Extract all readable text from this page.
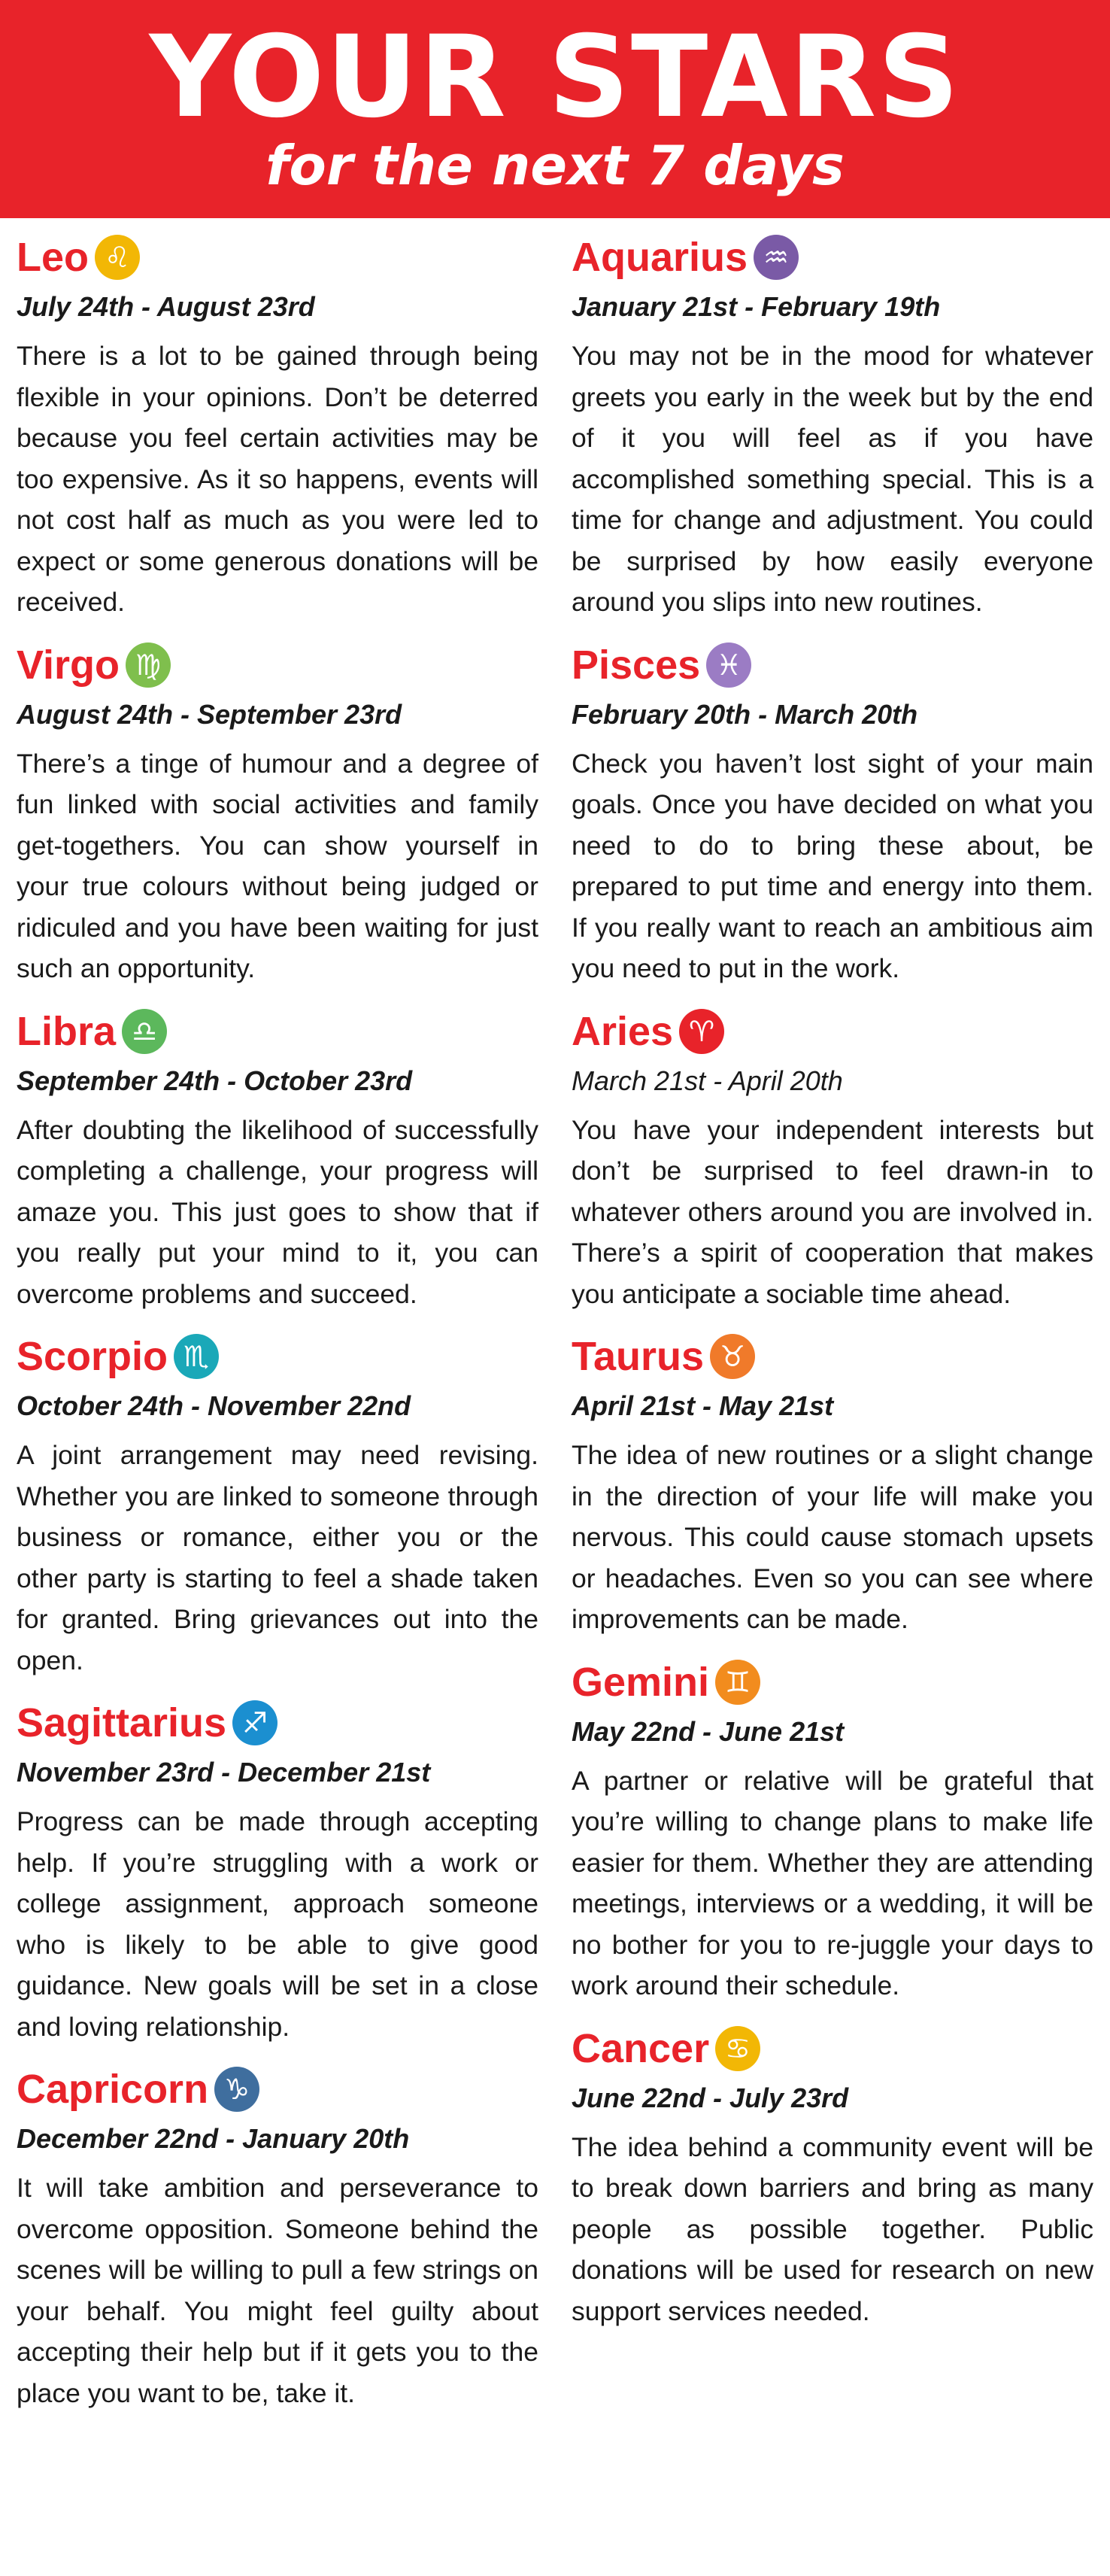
YOUR STARS
for the next 7 days
Leo ♌
July 24th - August 23rd

There is a lot to be gained through being flexible in your opinions. Don’t be deterred because you feel certain activities may be too expensive. As it so happens, events will not cost half as much as you were led to expect or some generous donations will be received.

Virgo ♍
August 24th - September 23rd

There’s a tinge of humour and a degree of fun linked with social activities and family get-togethers. You can show yourself in your true colours without being judged or ridiculed and you have been waiting for just such an opportunity.

Libra ♎
September 24th - October 23rd

After doubting the likelihood of successfully completing a challenge, your progress will amaze you. This just goes to show that if you really put your mind to it, you can overcome problems and succeed.

Scorpio ♏
October 24th - November 22nd

A joint arrangement may need revising. Whether you are linked to someone through business or romance, either you or the other party is starting to feel a shade taken for granted. Bring grievances out into the open.

Sagittarius ♐
November 23rd - December 21st

Progress can be made through accepting help. If you’re struggling with a work or college assignment, approach someone who is likely to be able to give good guidance. New goals will be set in a close and loving relationship.

Capricorn ♑
December 22nd - January 20th

It will take ambition and perseverance to overcome opposition. Someone behind the scenes will be willing to pull a few strings on your behalf. You might feel guilty about accepting their help but if it gets you to the place you want to be, take it.

Aquarius ♒
January 21st - February 19th

You may not be in the mood for whatever greets you early in the week but by the end of it you will feel as if you have accomplished something special. This is a time for change and adjustment. You could be surprised by how easily everyone around you slips into new routines.

Pisces ♓
February 20th - March 20th

Check you haven’t lost sight of your main goals. Once you have decided on what you need to do to bring these about, be prepared to put time and energy into them. If you really want to reach an ambitious aim you need to put in the work.

Aries ♈
March 21st - April 20th

You have your independent interests but don’t be surprised to feel drawn-in to whatever others around you are involved in. There’s a spirit of cooperation that makes you anticipate a sociable time ahead.

Taurus ♉
April 21st - May 21st

The idea of new routines or a slight change in the direction of your life will make you nervous. This could cause stomach upsets or headaches. Even so you can see where improvements can be made.

Gemini ♊
May 22nd - June 21st

A partner or relative will be grateful that you’re willing to change plans to make life easier for them. Whether they are attending meetings, interviews or a wedding, it will be no bother for you to re-juggle your days to work around their schedule.

Cancer ♋
June 22nd - July 23rd

The idea behind a community event will be to break down barriers and bring as many people as possible together. Public donations will be used for research on new support services needed.
